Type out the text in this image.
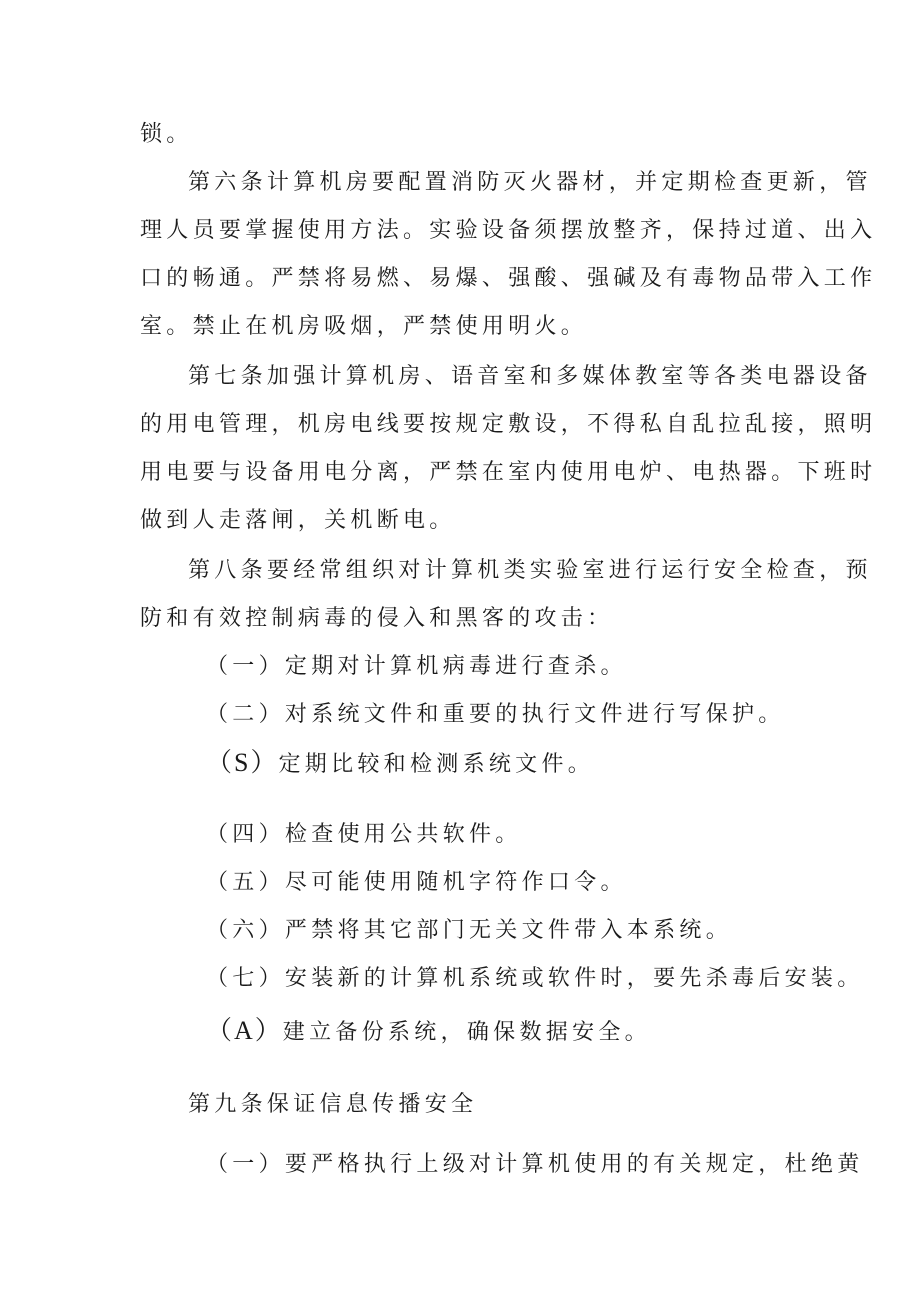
锁。
第六条计算机房要配置消防灭火器材，并定期检查更新，管
理人员要掌握使用方法。实验设备须摆放整齐，保持过道、出入
口的畅通。严禁将易燃、易爆、强酸、强碱及有毒物品带入工作
室。禁止在机房吸烟，严禁使用明火。
第七条加强计算机房、语音室和多媒体教室等各类电器设备
的用电管理，机房电线要按规定敷设，不得私自乱拉乱接，照明
用电要与设备用电分离，严禁在室内使用电炉、电热器。下班时
做到人走落闸，关机断电。
第八条要经常组织对计算机类实验室进行运行安全检查，预
防和有效控制病毒的侵入和黑客的攻击：
（一）定期对计算机病毒进行查杀。
（二）对系统文件和重要的执行文件进行写保护。
（S）定期比较和检测系统文件。
（四）检查使用公共软件。
（五）尽可能使用随机字符作口令。
（六）严禁将其它部门无关文件带入本系统。
（七）安装新的计算机系统或软件时，要先杀毒后安装。
（A）建立备份系统，确保数据安全。
第九条保证信息传播安全
（一）要严格执行上级对计算机使用的有关规定，杜绝黄
